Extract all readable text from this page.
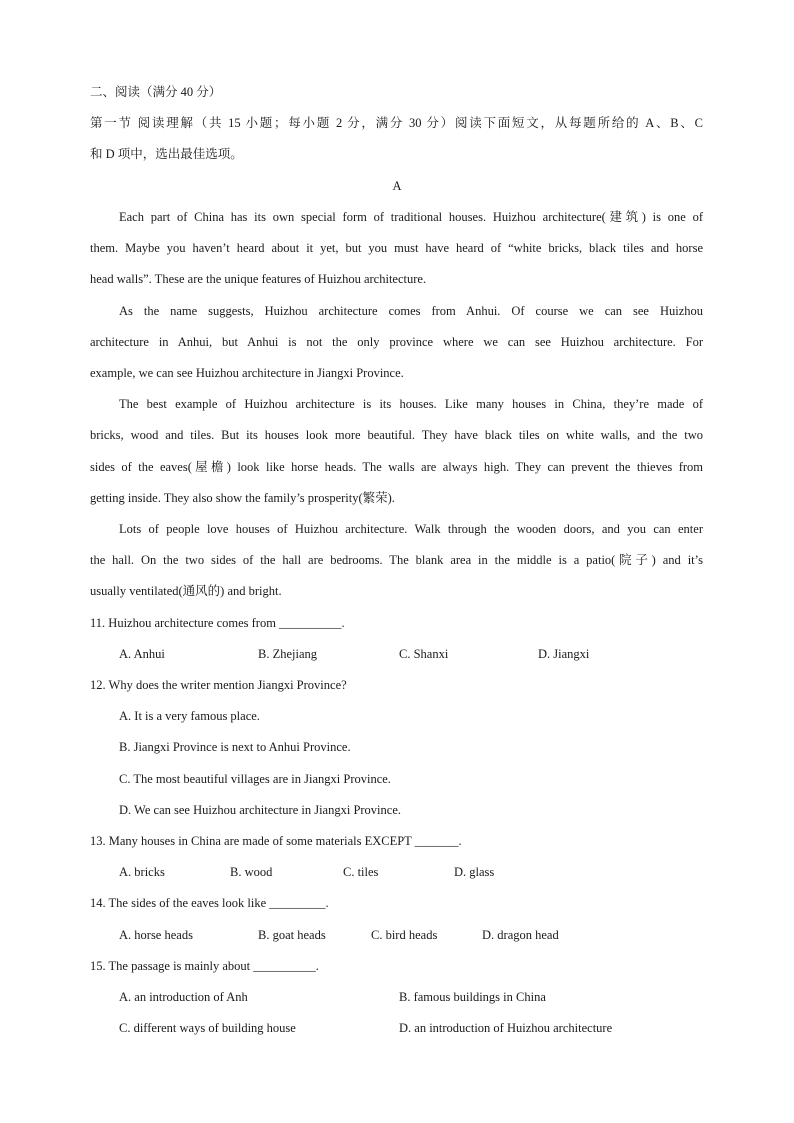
二、阅读（满分 40 分）
第一节 阅读理解（共 15 小题；每小题 2 分，满分 30 分）阅读下面短文，从每题所给的 A、B、C
和 D 项中，选出最佳选项。
A
Each part of China has its own special form of traditional houses. Huizhou architecture(建筑) is one of
them. Maybe you haven’t heard about it yet, but you must have heard of “white bricks, black tiles and horse
head walls”. These are the unique features of Huizhou architecture.
As the name suggests, Huizhou architecture comes from Anhui. Of course we can see Huizhou
architecture in Anhui, but Anhui is not the only province where we can see Huizhou architecture. For
example, we can see Huizhou architecture in Jiangxi Province.
The best example of Huizhou architecture is its houses. Like many houses in China, they’re made of
bricks, wood and tiles. But its houses look more beautiful. They have black tiles on white walls, and the two
sides of the eaves(屋檐) look like horse heads. The walls are always high. They can prevent the thieves from
getting inside. They also show the family’s prosperity(繁荣).
Lots of people love houses of Huizhou architecture. Walk through the wooden doors, and you can enter
the hall. On the two sides of the hall are bedrooms. The blank area in the middle is a patio(院子) and it’s
usually ventilated(通风的) and bright.
11. Huizhou architecture comes from __________.
A. Anhui	B. Zhejiang	C. Shanxi	D. Jiangxi
12. Why does the writer mention Jiangxi Province?
A. It is a very famous place.
B. Jiangxi Province is next to Anhui Province.
C. The most beautiful villages are in Jiangxi Province.
D. We can see Huizhou architecture in Jiangxi Province.
13. Many houses in China are made of some materials EXCEPT _______.
A. bricks	B. wood	C. tiles	D. glass
14. The sides of the eaves look like _________.
A. horse heads	B. goat heads	C. bird heads	D. dragon head
15. The passage is mainly about __________.
A. an introduction of Anh	B. famous buildings in China
C. different ways of building house	D. an introduction of Huizhou architecture
